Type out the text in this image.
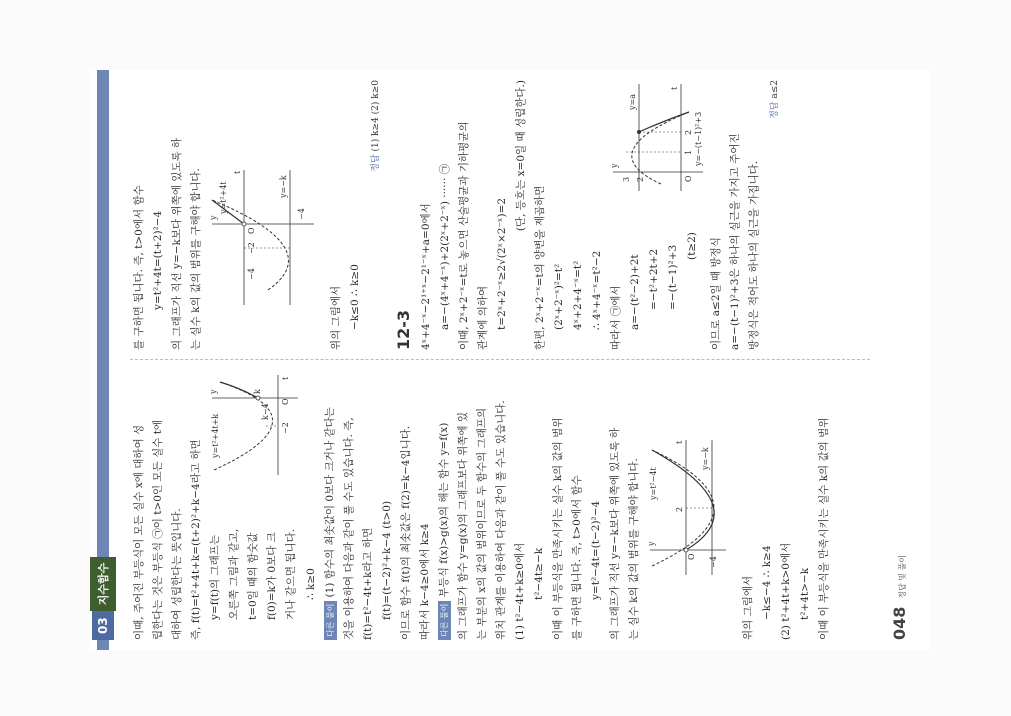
03
지수함수	이때, 주어진 부등식이 모든 실수 x에 대하여 성 립한다는 것은 부등식 ㉠이 t>0인 모든 실수 t에 대하여 성립한다는 뜻입니다. 즉, f(t)=t²+4t+k=(t+2)²+k−4라고 하면 y=f(t)의 그래프는 오른쪽 그림과 같고, t=0일 때의 함숫값 f(0)=k가 0보다 크 거나 같으면 됩니다.
y
t
y=t²+4t+k
k
k−4
−2
O
∴ k≥0
다른 풀이(1) 함수의 최솟값이 0보다 크거나 같다는 것을 이용하여 다음과 같이 풀 수도 있습니다. 즉, f(t)=t²−4t+k라고 하면 f(t)=(t−2)²+k−4 (t>0) 이므로 함수 f(t)의 최솟값은 f(2)=k−4입니다. 따라서 k−4≥0에서 k≥4	다른 풀이부등식 f(x)>g(x)의 해는 함수 y=f(x) 의 그래프가 함수 y=g(x)의 그래프보다 위쪽에 있 는 부분의 x의 값의 범위이므로 두 함수의 그래프의 위치 관계를 이용하여 다음과 같이 풀 수도 있습니다. (1) t²−4t+k≥0에서 t²−4t≥−k 이때 이 부등식을 만족시키는 실수 k의 값의 범위 를 구하면 됩니다. 즉, t>0에서 함수 y=t²−4t=(t−2)²−4 의 그래프가 직선 y=−k보다 위쪽에 있도록 하 는 실수 k의 값의 범위를 구해야 합니다. y
t
y=t²−4t
2
−4
O
y=−k
위의 그림에서 −k≤−4 ∴ k≥4 (2) t²+4t+k>0에서 t²+4t>−k 이때 이 부등식을 만족시키는 실수 k의 값의 범위
를 구하면 됩니다. 즉, t>0에서 함수 y=t²+4t=(t+2)²−4 의 그래프가 직선 y=−k보다 위쪽에 있도록 하 는 실수 k의 값의 범위를 구해야 합니다. y
t
y=t²+4t
−4
−2
O
−4
y=−k
위의 그림에서 −k≤0 ∴ k≥0
정답 (1) k≥4 (2) k≥0
12-3 4ˣ+4⁻ˣ−2¹⁺ˣ−2¹⁻ˣ+a=0에서 a=−(4ˣ+4⁻ˣ)+2(2ˣ+2⁻ˣ) ······ ㉠ 이때, 2ˣ+2⁻ˣ=t로 놓으면 산술평균과 기하평균의 관계에 의하여 t=2ˣ+2⁻ˣ≥2√(2ˣ×2⁻ˣ)=2
(단, 등호는 x=0일 때 성립한다.)
한편, 2ˣ+2⁻ˣ=t의 양변을 제곱하면 (2ˣ+2⁻ˣ)²=t² 4ˣ+2+4⁻ˣ=t² ∴ 4ˣ+4⁻ˣ=t²−2 따라서 ㉠에서 a=−(t²−2)+2t =−t²+2t+2 =−(t−1)²+3 (t≥2)
y
t
y=−(t−1)²+3
3 2	O
1
2
y=a
이므로 a≤2일 때 방정식 a=−(t−1)²+3은 하나의 실근을 가지고 주어진 방정식은 적어도 하나의 실근을 가집니다.
정답 a≤2
048
정답 및 풀이
